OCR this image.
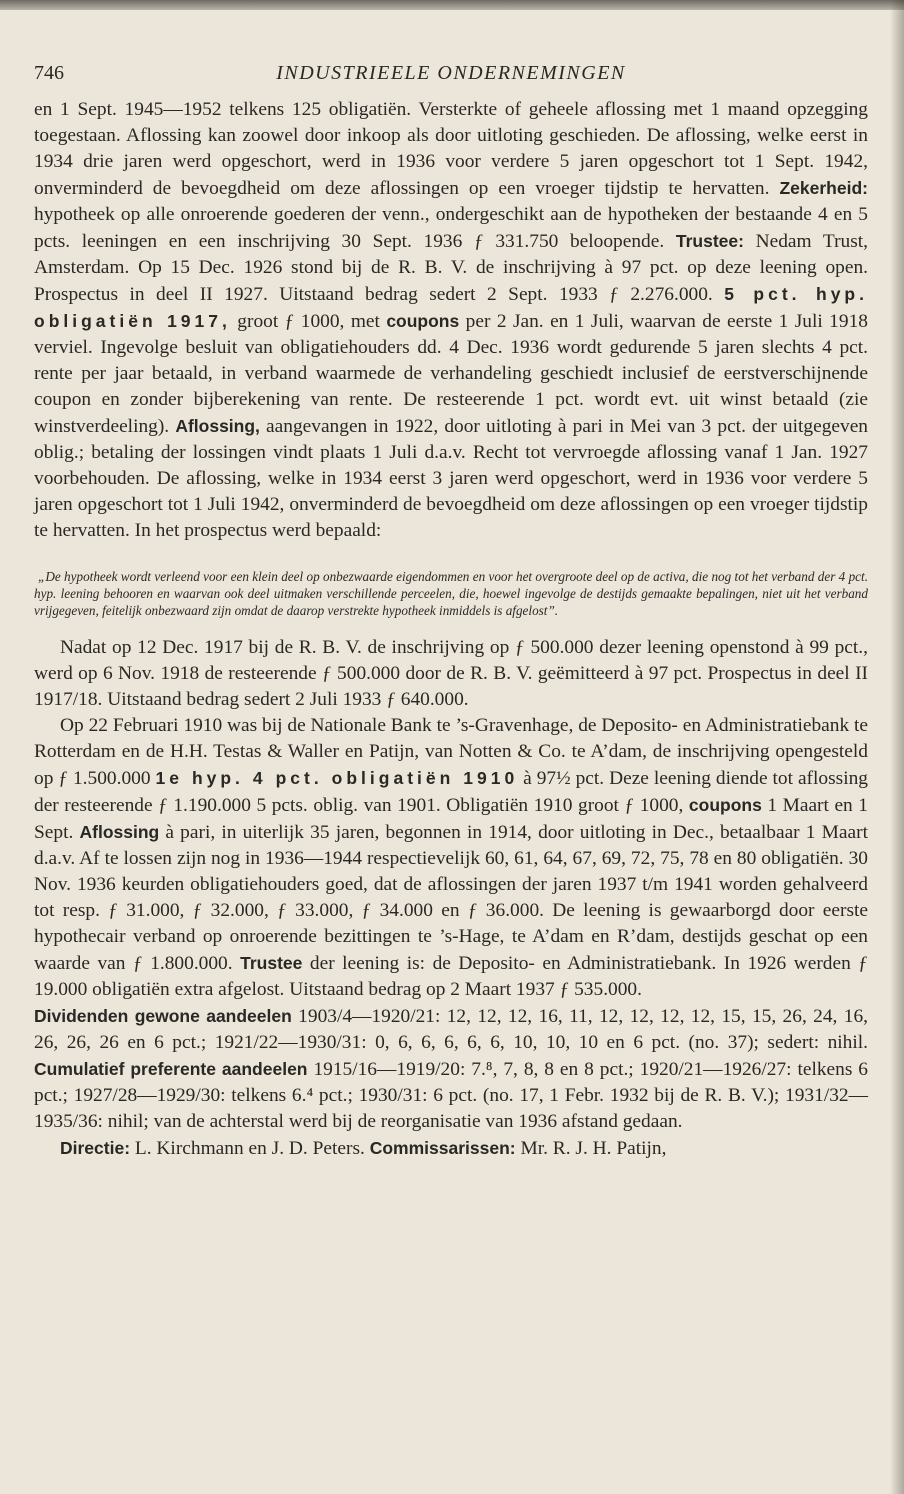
746	INDUSTRIEELE ONDERNEMINGEN

en 1 Sept. 1945—1952 telkens 125 obligatiën. Versterkte of geheele aflossing met 1 maand opzegging toegestaan. Aflossing kan zoowel door inkoop als door uitloting geschieden. De aflossing, welke eerst in 1934 drie jaren werd opgeschort, werd in 1936 voor verdere 5 jaren opgeschort tot 1 Sept. 1942, onverminderd de bevoegdheid om deze aflossingen op een vroeger tijdstip te hervatten. Zekerheid: hypotheek op alle onroerende goederen der venn., ondergeschikt aan de hypotheken der bestaande 4 en 5 pcts. leeningen en een inschrijving 30 Sept. 1936 ƒ 331.750 beloopende. Trustee: Nedam Trust, Amsterdam. Op 15 Dec. 1926 stond bij de R. B. V. de inschrijving à 97 pct. op deze leening open. Prospectus in deel II 1927. Uitstaand bedrag sedert 2 Sept. 1933 ƒ 2.276.000. 5 pct. hyp. obligatiën 1917, groot ƒ 1000, met coupons per 2 Jan. en 1 Juli, waarvan de eerste 1 Juli 1918 verviel. Ingevolge besluit van obligatiehouders dd. 4 Dec. 1936 wordt gedurende 5 jaren slechts 4 pct. rente per jaar betaald, in verband waarmede de verhandeling geschiedt inclusief de eerstverschijnende coupon en zonder bijberekening van rente. De resteerende 1 pct. wordt evt. uit winst betaald (zie winstverdeeling). Aflossing, aangevangen in 1922, door uitloting à pari in Mei van 3 pct. der uitgegeven oblig.; betaling der lossingen vindt plaats 1 Juli d.a.v. Recht tot vervroegde aflossing vanaf 1 Jan. 1927 voorbehouden. De aflossing, welke in 1934 eerst 3 jaren werd opgeschort, werd in 1936 voor verdere 5 jaren opgeschort tot 1 Juli 1942, onverminderd de bevoegdheid om deze aflossingen op een vroeger tijdstip te hervatten. In het prospectus werd bepaald:

„De hypotheek wordt verleend voor een klein deel op onbezwaarde eigendommen en voor het overgroote deel op de activa, die nog tot het verband der 4 pct. hyp. leening behooren en waarvan ook deel uitmaken verschillende perceelen, die, hoewel ingevolge de destijds gemaakte bepalingen, niet uit het verband vrijgegeven, feitelijk onbezwaard zijn omdat de daarop verstrekte hypotheek inmiddels is afgelost”.

Nadat op 12 Dec. 1917 bij de R. B. V. de inschrijving op ƒ 500.000 dezer leening openstond à 99 pct., werd op 6 Nov. 1918 de resteerende ƒ 500.000 door de R. B. V. geëmitteerd à 97 pct. Prospectus in deel II 1917/18. Uitstaand bedrag sedert 2 Juli 1933 ƒ 640.000.

Op 22 Februari 1910 was bij de Nationale Bank te ’s-Gravenhage, de Deposito- en Administratiebank te Rotterdam en de H.H. Testas & Waller en Patijn, van Notten & Co. te A’dam, de inschrijving opengesteld op ƒ 1.500.000 1e hyp. 4 pct. obligatiën 1910 à 97½ pct. Deze leening diende tot aflossing der resteerende ƒ 1.190.000 5 pcts. oblig. van 1901. Obligatiën 1910 groot ƒ 1000, coupons 1 Maart en 1 Sept. Aflossing à pari, in uiterlijk 35 jaren, begonnen in 1914, door uitloting in Dec., betaalbaar 1 Maart d.a.v. Af te lossen zijn nog in 1936—1944 respectievelijk 60, 61, 64, 67, 69, 72, 75, 78 en 80 obligatiën. 30 Nov. 1936 keurden obligatiehouders goed, dat de aflossingen der jaren 1937 t/m 1941 worden gehalveerd tot resp. ƒ 31.000, ƒ 32.000, ƒ 33.000, ƒ 34.000 en ƒ 36.000. De leening is gewaarborgd door eerste hypothecair verband op onroerende bezittingen te ’s-Hage, te A’dam en R’dam, destijds geschat op een waarde van ƒ 1.800.000. Trustee der leening is: de Deposito- en Administratiebank. In 1926 werden ƒ 19.000 obligatiën extra afgelost. Uitstaand bedrag op 2 Maart 1937 ƒ 535.000.

Dividenden gewone aandeelen 1903/4—1920/21: 12, 12, 12, 16, 11, 12, 12, 12, 12, 15, 15, 26, 24, 16, 26, 26, 26 en 6 pct.; 1921/22—1930/31: 0, 6, 6, 6, 6, 6, 10, 10, 10 en 6 pct. (no. 37); sedert: nihil. Cumulatief preferente aandeelen 1915/16—1919/20: 7.⁸, 7, 8, 8 en 8 pct.; 1920/21—1926/27: telkens 6 pct.; 1927/28—1929/30: telkens 6.⁴ pct.; 1930/31: 6 pct. (no. 17, 1 Febr. 1932 bij de R. B. V.); 1931/32—1935/36: nihil; van de achterstal werd bij de reorganisatie van 1936 afstand gedaan.

Directie: L. Kirchmann en J. D. Peters. Commissarissen: Mr. R. J. H. Patijn,
